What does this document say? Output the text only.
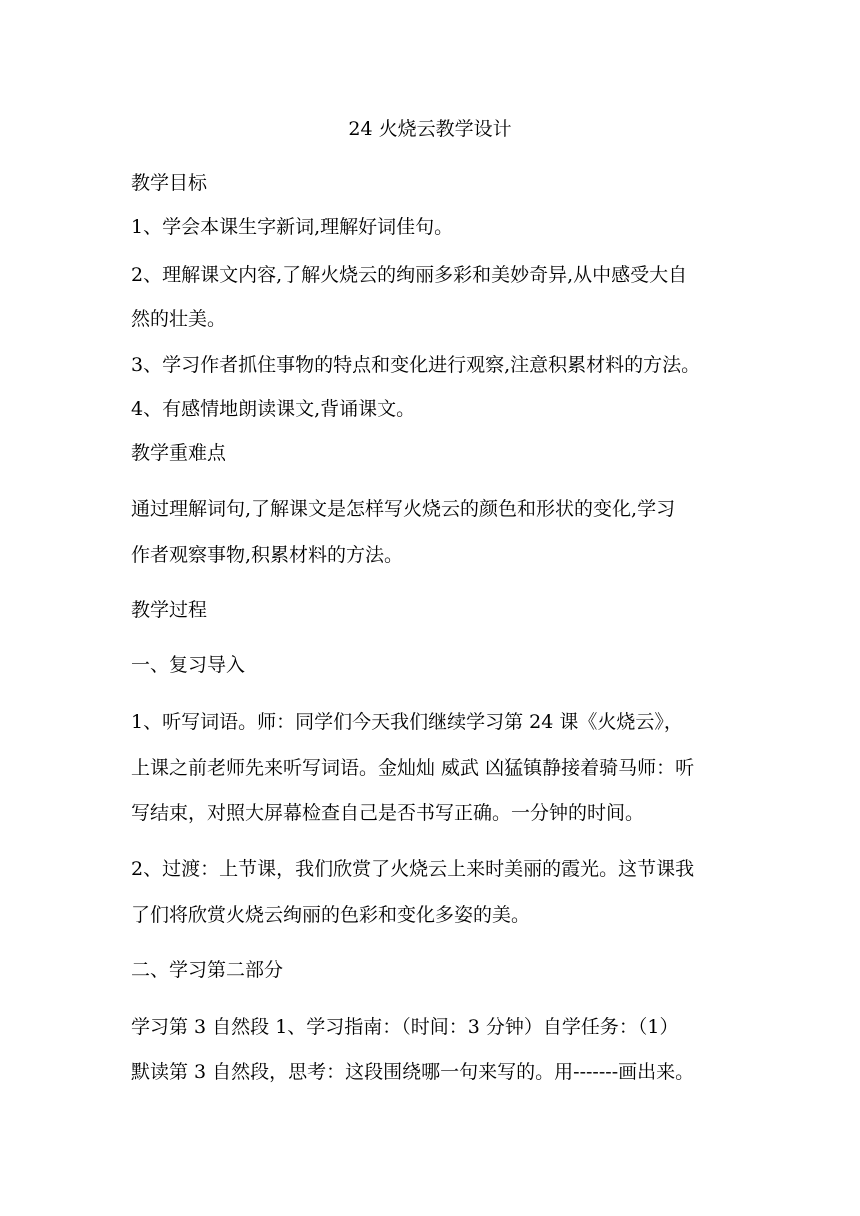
24 火烧云教学设计

教学目标

1、学会本课生字新词,理解好词佳句。

2、理解课文内容,了解火烧云的绚丽多彩和美妙奇异,从中感受大自

然的壮美。

3、学习作者抓住事物的特点和变化进行观察,注意积累材料的方法。

4、有感情地朗读课文,背诵课文。

教学重难点

通过理解词句,了解课文是怎样写火烧云的颜色和形状的变化,学习

作者观察事物,积累材料的方法。

教学过程

一、复习导入

1、听写词语。师：同学们今天我们继续学习第 24 课《火烧云》，

上课之前老师先来听写词语。金灿灿 威武 凶猛镇静接着骑马师：听

写结束，对照大屏幕检查自己是否书写正确。一分钟的时间。

2、过渡：上节课，我们欣赏了火烧云上来时美丽的霞光。这节课我

了们将欣赏火烧云绚丽的色彩和变化多姿的美。

二、学习第二部分

学习第 3 自然段 1、学习指南：（时间：3 分钟）自学任务：（1）

默读第 3 自然段，思考：这段围绕哪一句来写的。用-------画出来。
